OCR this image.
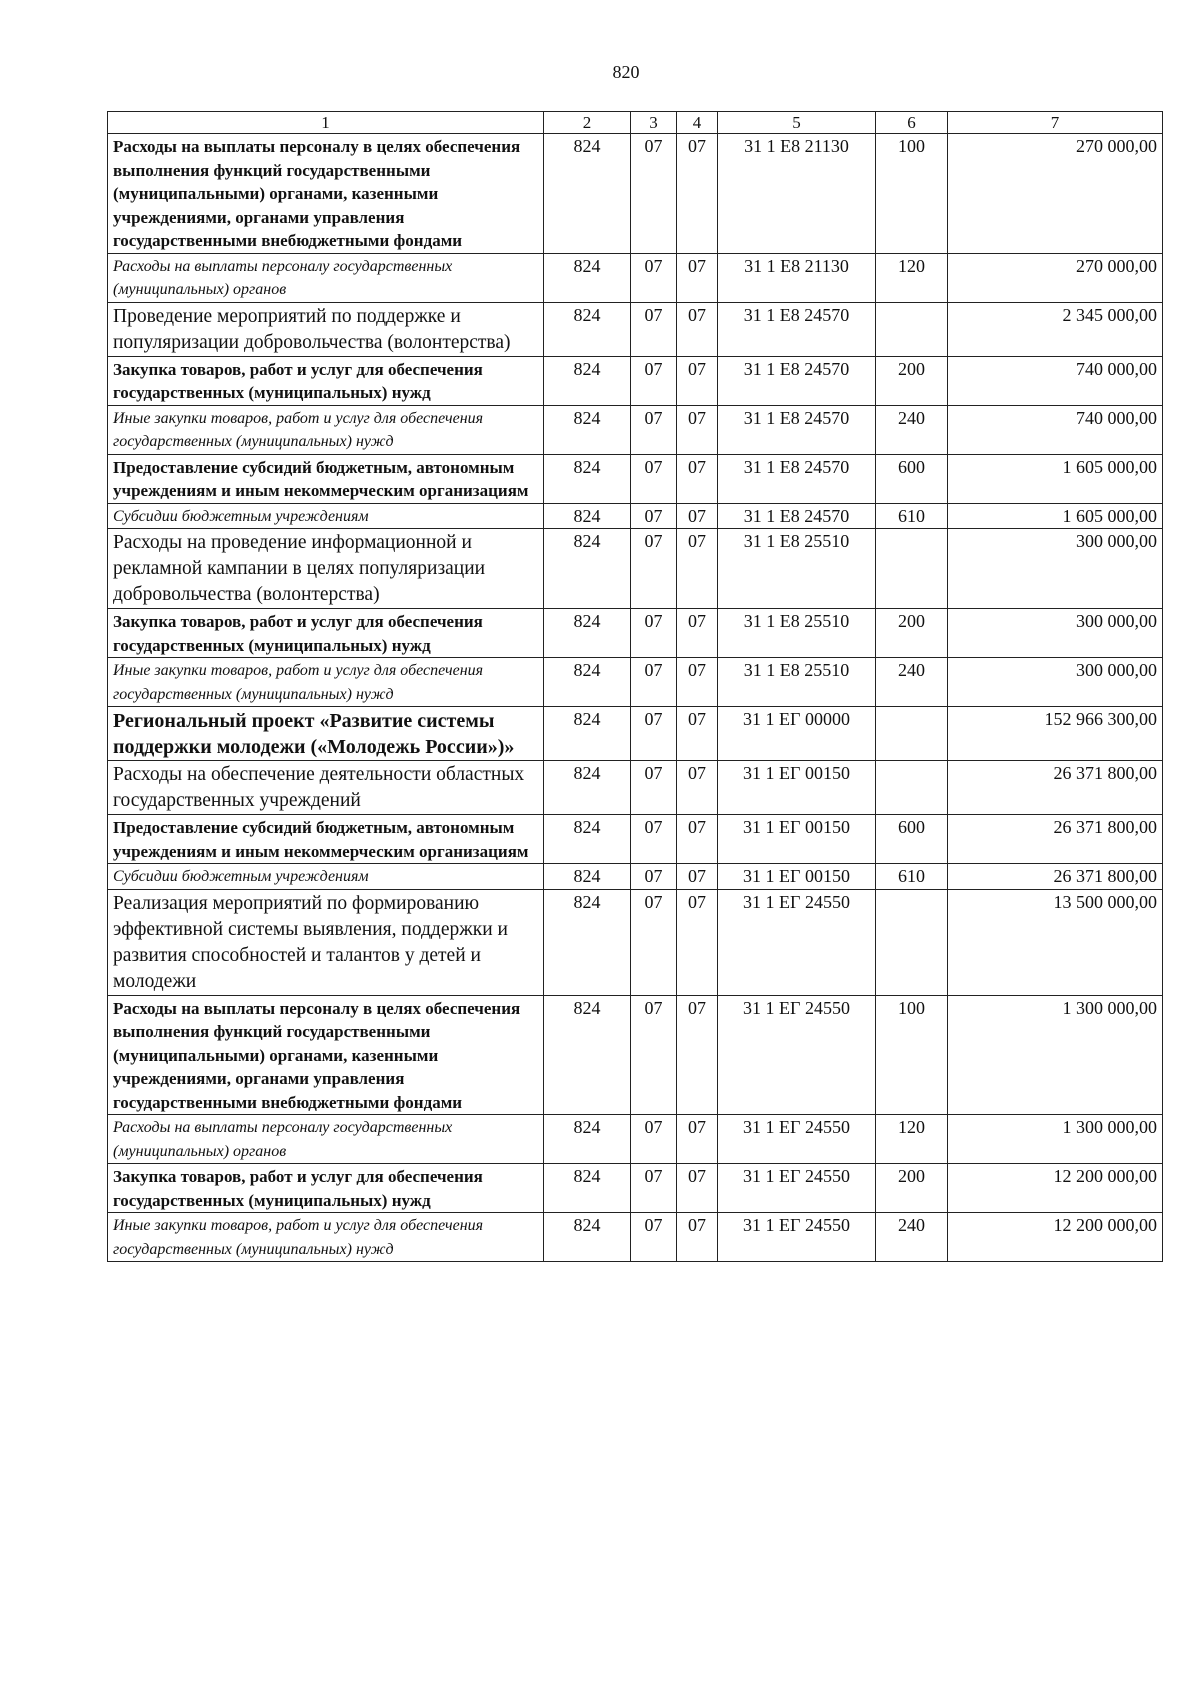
820
1	2	3	4	5	6	7
Расходы на выплаты персоналу в целях обеспечения выполнения функций государственными (муниципальными) органами, казенными учреждениями, органами управления государственными внебюджетными фондами	824	07	07	31 1 E8 21130	100	270 000,00
Расходы на выплаты персоналу государственных (муниципальных) органов	824	07	07	31 1 E8 21130	120	270 000,00
Проведение мероприятий по поддержке и популяризации добровольчества (волонтерства)	824	07	07	31 1 E8 24570		2 345 000,00
Закупка товаров, работ и услуг для обеспечения государственных (муниципальных) нужд	824	07	07	31 1 E8 24570	200	740 000,00
Иные закупки товаров, работ и услуг для обеспечения государственных (муниципальных) нужд	824	07	07	31 1 E8 24570	240	740 000,00
Предоставление субсидий бюджетным, автономным учреждениям и иным некоммерческим организациям	824	07	07	31 1 E8 24570	600	1 605 000,00
Субсидии бюджетным учреждениям	824	07	07	31 1 E8 24570	610	1 605 000,00
Расходы на проведение информационной и рекламной кампании в целях популяризации добровольчества (волонтерства)	824	07	07	31 1 E8 25510		300 000,00
Закупка товаров, работ и услуг для обеспечения государственных (муниципальных) нужд	824	07	07	31 1 E8 25510	200	300 000,00
Иные закупки товаров, работ и услуг для обеспечения государственных (муниципальных) нужд	824	07	07	31 1 E8 25510	240	300 000,00
Региональный проект «Развитие системы поддержки молодежи («Молодежь России»)»	824	07	07	31 1 ЕГ 00000		152 966 300,00
Расходы на обеспечение деятельности областных государственных учреждений	824	07	07	31 1 ЕГ 00150		26 371 800,00
Предоставление субсидий бюджетным, автономным учреждениям и иным некоммерческим организациям	824	07	07	31 1 ЕГ 00150	600	26 371 800,00
Субсидии бюджетным учреждениям	824	07	07	31 1 ЕГ 00150	610	26 371 800,00
Реализация мероприятий по формированию эффективной системы выявления, поддержки и развития способностей и талантов у детей и молодежи	824	07	07	31 1 ЕГ 24550		13 500 000,00
Расходы на выплаты персоналу в целях обеспечения выполнения функций государственными (муниципальными) органами, казенными учреждениями, органами управления государственными внебюджетными фондами	824	07	07	31 1 ЕГ 24550	100	1 300 000,00
Расходы на выплаты персоналу государственных (муниципальных) органов	824	07	07	31 1 ЕГ 24550	120	1 300 000,00
Закупка товаров, работ и услуг для обеспечения государственных (муниципальных) нужд	824	07	07	31 1 ЕГ 24550	200	12 200 000,00
Иные закупки товаров, работ и услуг для обеспечения государственных (муниципальных) нужд	824	07	07	31 1 ЕГ 24550	240	12 200 000,00
